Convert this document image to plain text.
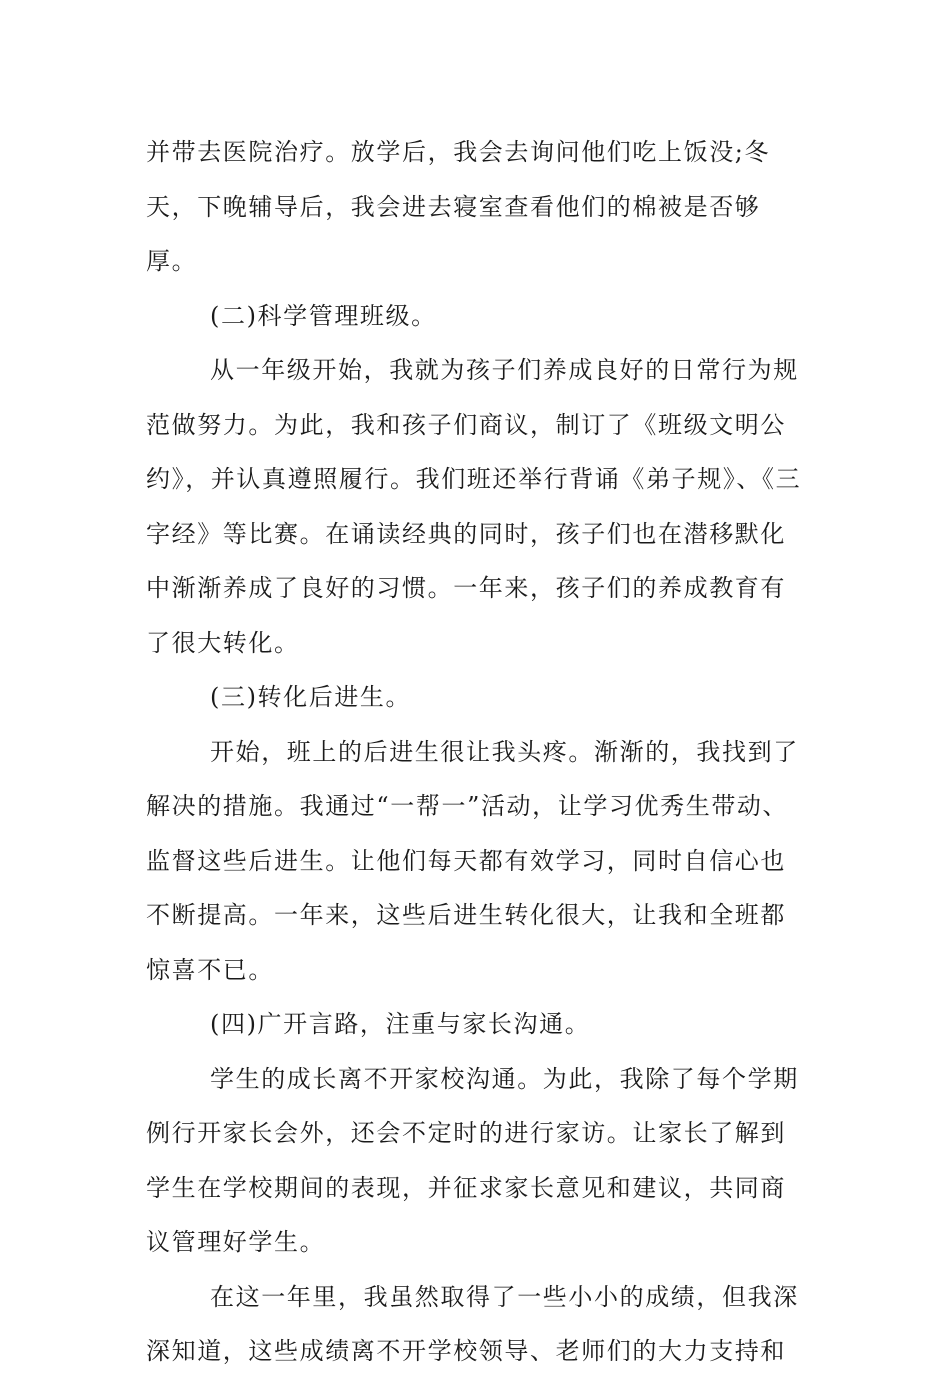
并带去医院治疗。放学后，我会去询问他们吃上饭没;冬天，下晚辅导后，我会进去寝室查看他们的棉被是否够厚。

(二)科学管理班级。

从一年级开始，我就为孩子们养成良好的日常行为规范做努力。为此，我和孩子们商议，制订了《班级文明公约》，并认真遵照履行。我们班还举行背诵《弟子规》、《三字经》等比赛。在诵读经典的同时，孩子们也在潜移默化中渐渐养成了良好的习惯。一年来，孩子们的养成教育有了很大转化。

(三)转化后进生。

开始，班上的后进生很让我头疼。渐渐的，我找到了解决的措施。我通过“一帮一”活动，让学习优秀生带动、监督这些后进生。让他们每天都有效学习，同时自信心也不断提高。一年来，这些后进生转化很大，让我和全班都惊喜不已。

(四)广开言路，注重与家长沟通。

学生的成长离不开家校沟通。为此，我除了每个学期例行开家长会外，还会不定时的进行家访。让家长了解到学生在学校期间的表现，并征求家长意见和建议，共同商议管理好学生。

在这一年里，我虽然取得了一些小小的成绩，但我深深知道，这些成绩离不开学校领导、老师们的大力支持和
